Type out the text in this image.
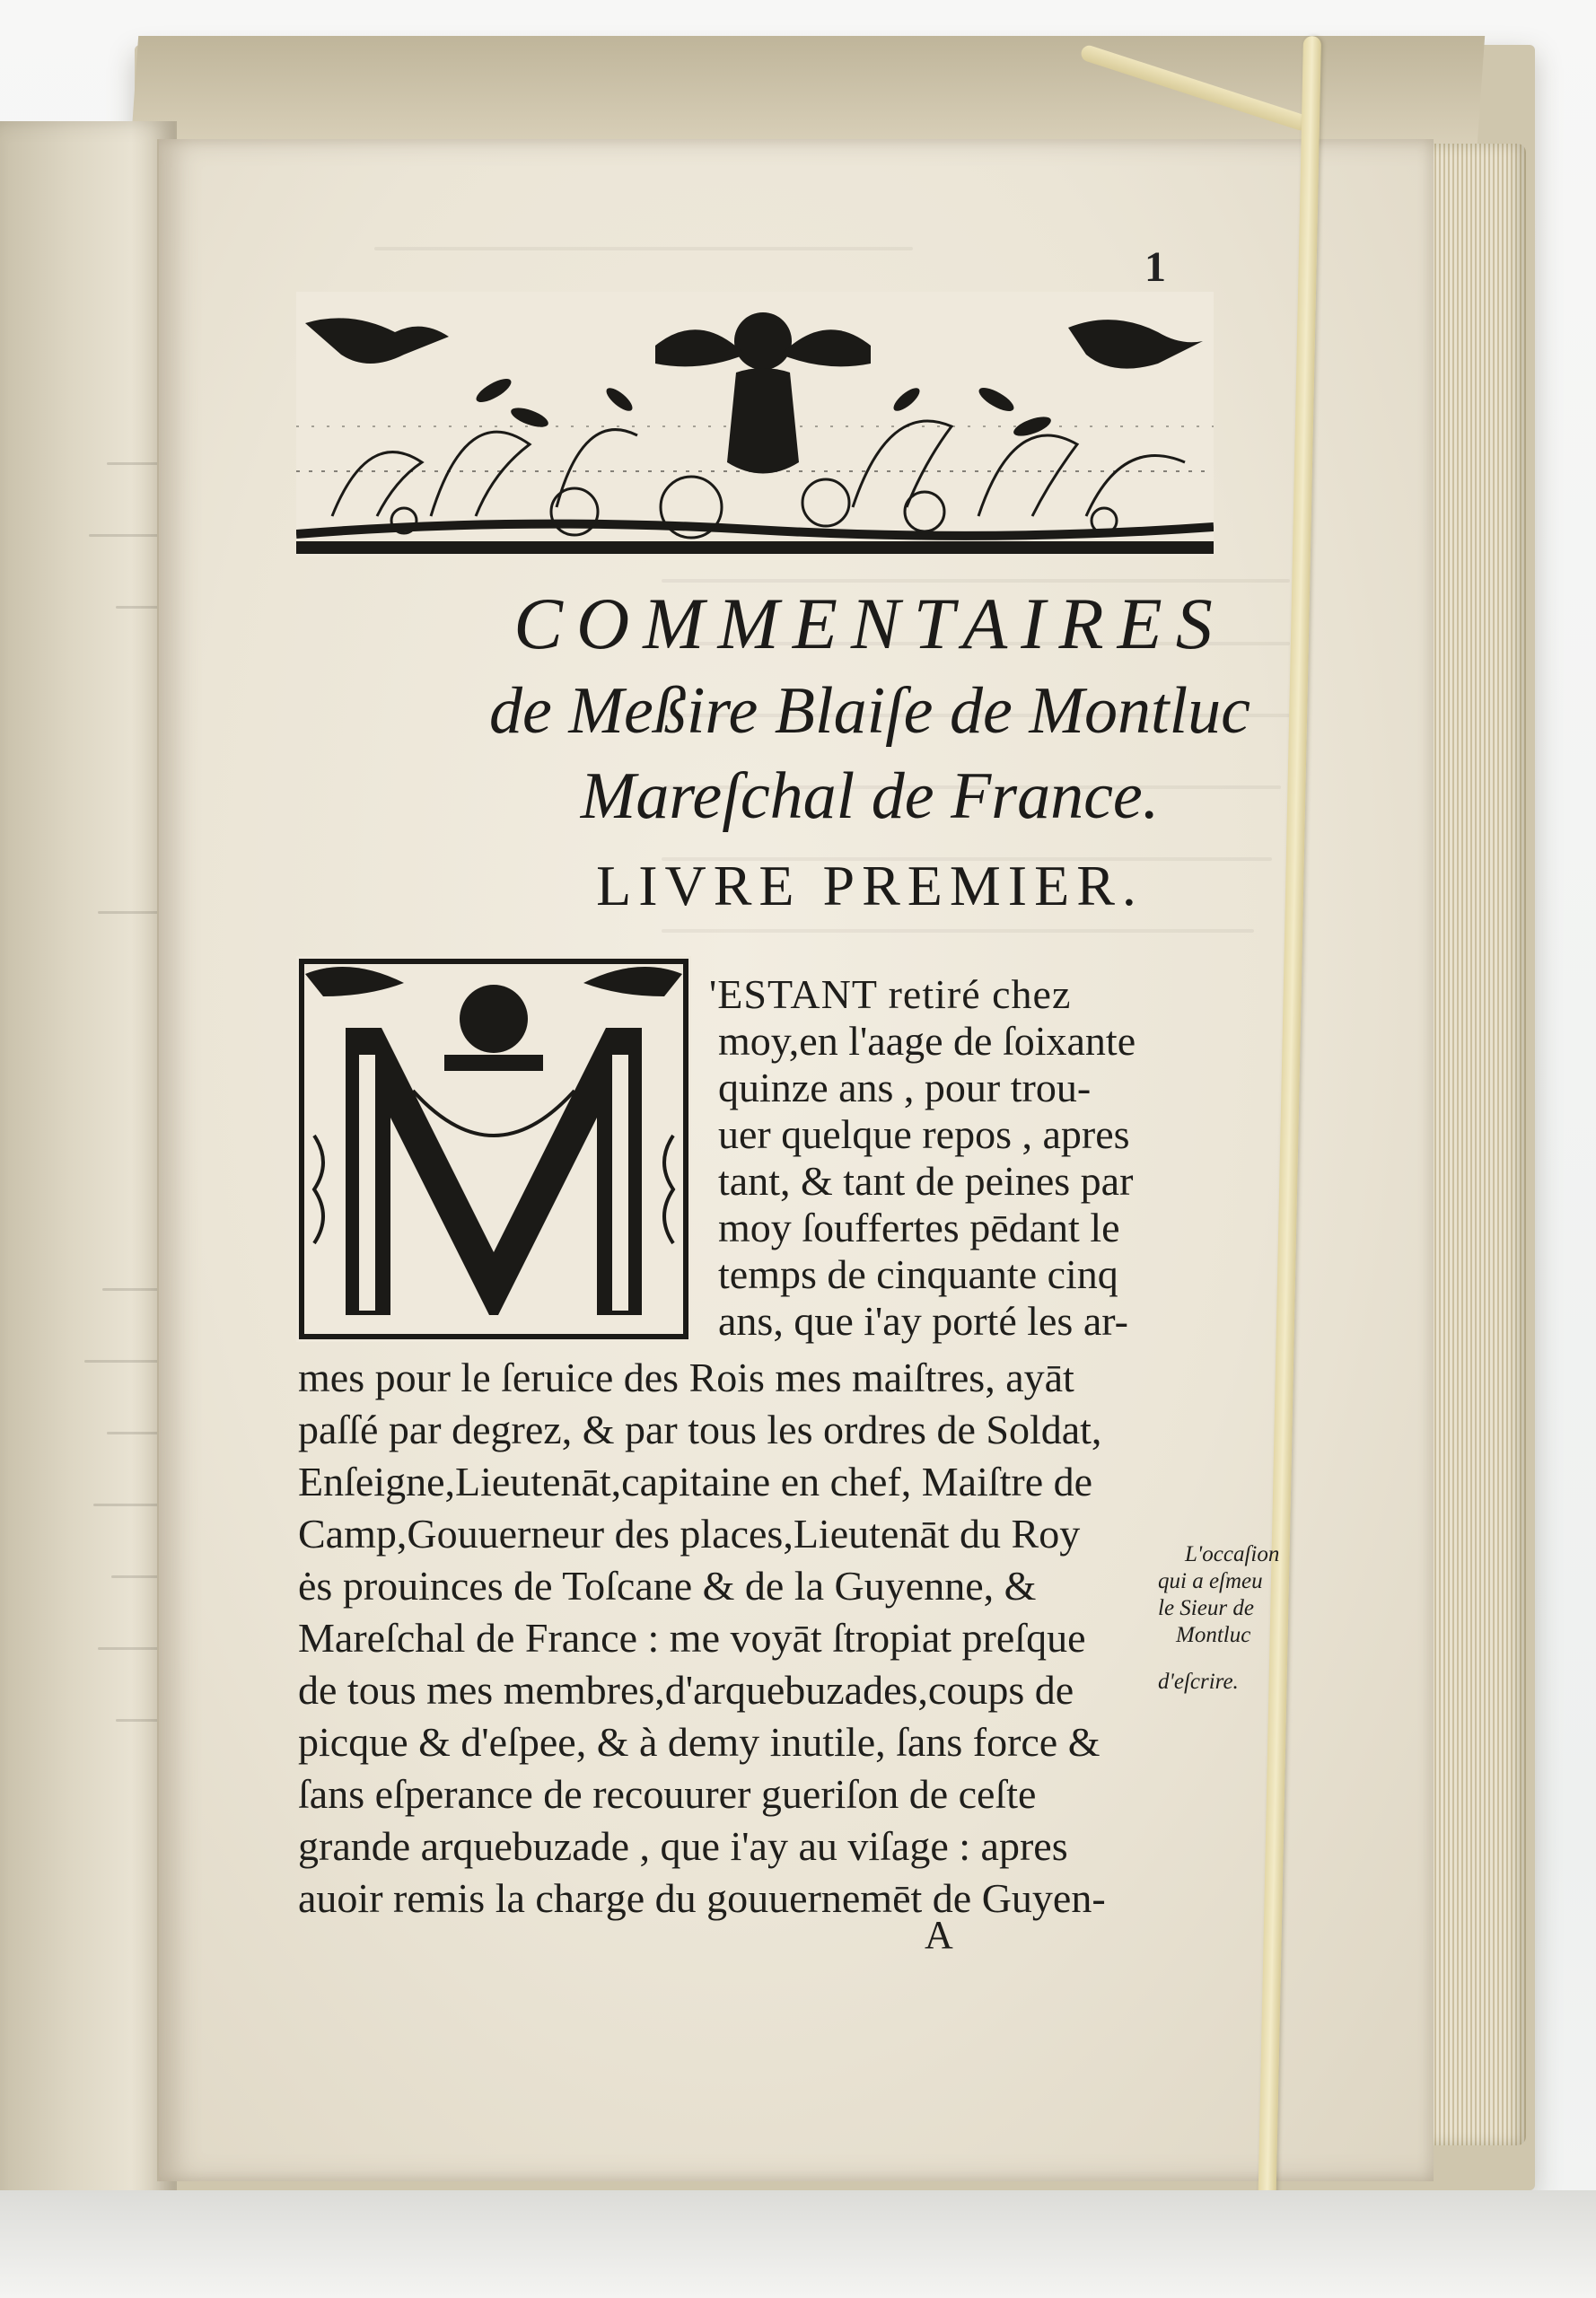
1
COMMENTAIRES
de Meßire Blaiſe de Montluc
Mareſchal de France.
LIVRE PREMIER.
'ESTANT retiré chez
moy,en l'aage de ſoixante
quinze ans , pour trou-
uer quelque repos , apres
tant, & tant de peines par
moy ſouffertes pēdant le
temps de cinquante cinq
ans, que i'ay porté les ar-
mes pour le ſeruice des Rois mes maiſtres, ayāt
paſſé par degrez, & par tous les ordres de Soldat,
Enſeigne,Lieutenāt,capitaine en chef, Maiſtre de
Camp,Gouuerneur des places,Lieutenāt du Roy
ės prouinces de Toſcane & de la Guyenne, &
Mareſchal de France : me voyāt ſtropiat preſque
de tous mes membres,d'arquebuzades,coups de
picque & d'eſpee, & à demy inutile, ſans force &
ſans eſperance de recouurer gueriſon de ceſte
grande arquebuzade , que i'ay au viſage : apres
auoir remis la charge du gouuernemēt de Guyen-
L'occaſion
qui a eſmeu
le Sieur de
Montluc
d'eſcrire.
A
